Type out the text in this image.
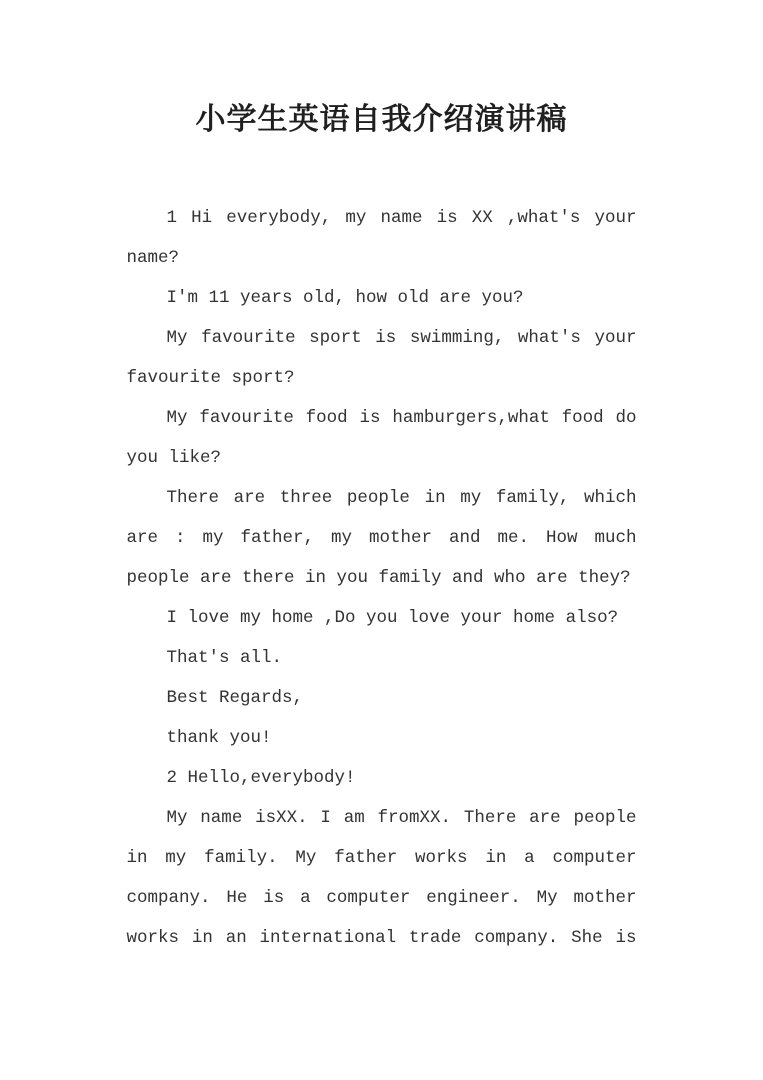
小学生英语自我介绍演讲稿

1 Hi everybody, my name is XX ,what's your name?

I'm 11 years old, how old are you?

My favourite sport is swimming, what's your favourite sport?

My favourite food is hamburgers,what food do you like?

There are three people in my family, which are : my father, my mother and me. How much people are there in you family and who are they?

I love my home ,Do you love your home also?

That's all.

Best Regards,

thank you!

2 Hello,everybody!

My name isXX. I am fromXX. There are people in my family. My father works in a computer company. He is a computer engineer. My mother works in an international trade company. She is
